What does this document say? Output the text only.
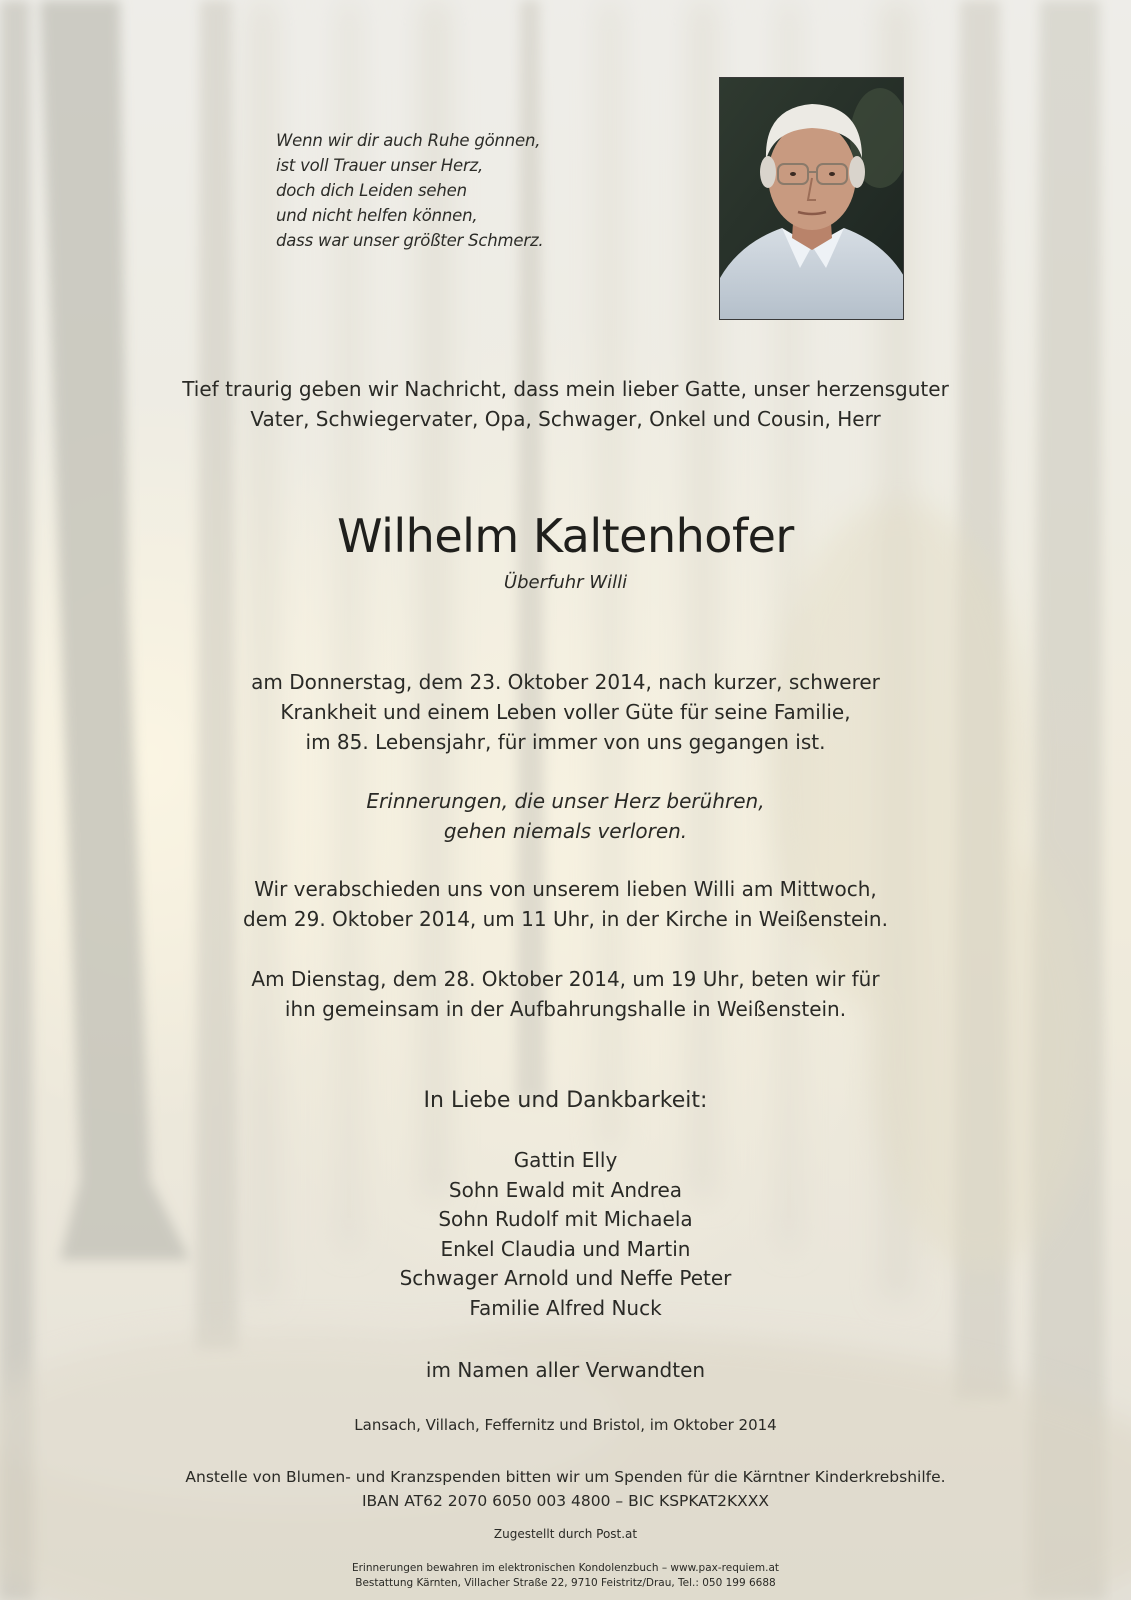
Wenn wir dir auch Ruhe gönnen,
ist voll Trauer unser Herz,
doch dich Leiden sehen
und nicht helfen können,
dass war unser größter Schmerz.
Tief traurig geben wir Nachricht, dass mein lieber Gatte, unser herzensguter
Vater, Schwiegervater, Opa, Schwager, Onkel und Cousin, Herr
Wilhelm Kaltenhofer
Überfuhr Willi
am Donnerstag, dem 23. Oktober 2014, nach kurzer, schwerer
Krankheit und einem Leben voller Güte für seine Familie,
im 85. Lebensjahr, für immer von uns gegangen ist.
Erinnerungen, die unser Herz berühren,
gehen niemals verloren.
Wir verabschieden uns von unserem lieben Willi am Mittwoch,
dem 29. Oktober 2014, um 11 Uhr, in der Kirche in Weißenstein.
Am Dienstag, dem 28. Oktober 2014, um 19 Uhr, beten wir für
ihn gemeinsam in der Aufbahrungshalle in Weißenstein.
In Liebe und Dankbarkeit:
Gattin Elly
Sohn Ewald mit Andrea
Sohn Rudolf mit Michaela
Enkel Claudia und Martin
Schwager Arnold und Neffe Peter
Familie Alfred Nuck
im Namen aller Verwandten
Lansach, Villach, Feffernitz und Bristol, im Oktober 2014
Anstelle von Blumen- und Kranzspenden bitten wir um Spenden für die Kärntner Kinderkrebshilfe.
IBAN AT62 2070 6050 003 4800 – BIC KSPKAT2KXXX
Zugestellt durch Post.at
Erinnerungen bewahren im elektronischen Kondolenzbuch – www.pax-requiem.at
Bestattung Kärnten, Villacher Straße 22, 9710 Feistritz/Drau, Tel.: 050 199 6688
